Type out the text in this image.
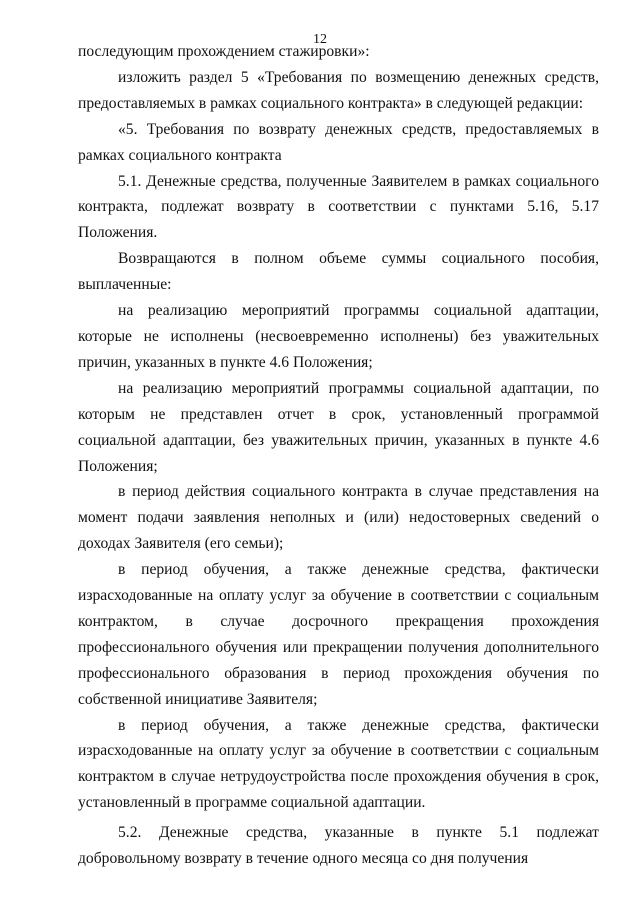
12

последующим прохождением стажировки»:

изложить раздел 5 «Требования по возмещению денежных средств, предоставляемых в рамках социального контракта» в следующей редакции:

«5. Требования по возврату денежных средств, предоставляемых в рамках социального контракта

5.1. Денежные средства, полученные Заявителем в рамках социального контракта, подлежат возврату в соответствии с пунктами 5.16, 5.17 Положения.

Возвращаются в полном объеме суммы социального пособия, выплаченные:

на реализацию мероприятий программы социальной адаптации, которые не исполнены (несвоевременно исполнены) без уважительных причин, указанных в пункте 4.6 Положения;

на реализацию мероприятий программы социальной адаптации, по которым не представлен отчет в срок, установленный программой социальной адаптации, без уважительных причин, указанных в пункте 4.6 Положения;

в период действия социального контракта в случае представления на момент подачи заявления неполных и (или) недостоверных сведений о доходах Заявителя (его семьи);

в период обучения, а также денежные средства, фактически израсходованные на оплату услуг за обучение в соответствии с социальным контрактом, в случае досрочного прекращения прохождения профессионального обучения или прекращении получения дополнительного профессионального образования в период прохождения обучения по собственной инициативе Заявителя;

в период обучения, а также денежные средства, фактически израсходованные на оплату услуг за обучение в соответствии с социальным контрактом в случае нетрудоустройства после прохождения обучения в срок, установленный в программе социальной адаптации.

5.2. Денежные средства, указанные в пункте 5.1 подлежат добровольному возврату в течение одного месяца со дня получения
